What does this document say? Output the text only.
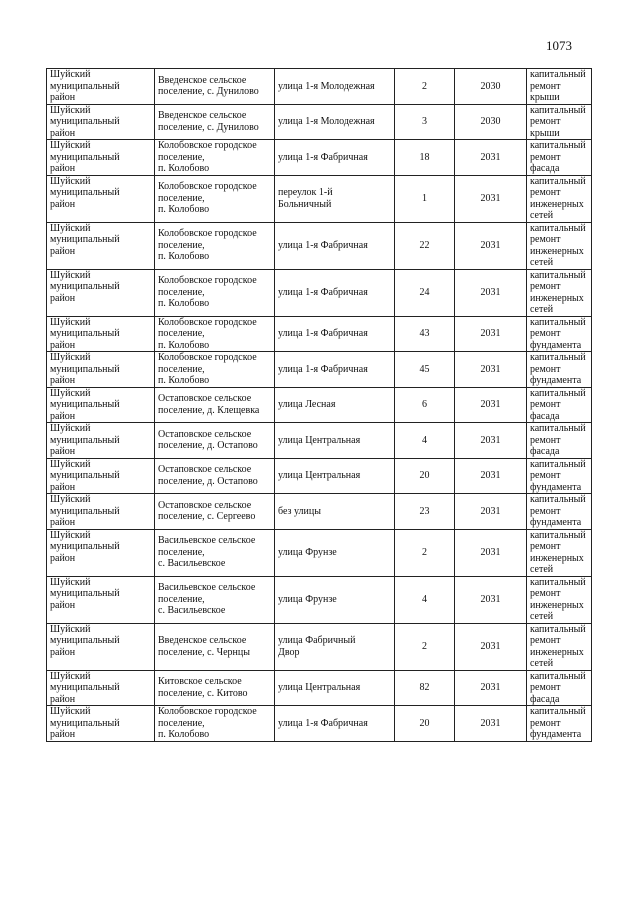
1073
Шуйский
муниципальный
район	Введенское сельское
поселение, с. Дунилово	улица 1-я Молодежная	2	2030	капитальный
ремонт крыши

Шуйский
муниципальный
район	Введенское сельское
поселение, с. Дунилово	улица 1-я Молодежная	3	2030	капитальный
ремонт крыши

Шуйский
муниципальный
район	Колобовское городское
поселение,
п. Колобово	улица 1-я Фабричная	18	2031	капитальный
ремонт фасада

Шуйский
муниципальный
район	Колобовское городское
поселение,
п. Колобово	переулок 1-й
Больничный	1	2031	капитальный
ремонт
инженерных
сетей

Шуйский
муниципальный
район	Колобовское городское
поселение,
п. Колобово	улица 1-я Фабричная	22	2031	капитальный
ремонт
инженерных
сетей

Шуйский
муниципальный
район	Колобовское городское
поселение,
п. Колобово	улица 1-я Фабричная	24	2031	капитальный
ремонт
инженерных
сетей

Шуйский
муниципальный
район	Колобовское городское
поселение,
п. Колобово	улица 1-я Фабричная	43	2031	капитальный
ремонт
фундамента

Шуйский
муниципальный
район	Колобовское городское
поселение,
п. Колобово	улица 1-я Фабричная	45	2031	капитальный
ремонт
фундамента

Шуйский
муниципальный
район	Остаповское сельское
поселение, д. Клещевка	улица Лесная	6	2031	капитальный
ремонт фасада

Шуйский
муниципальный
район	Остаповское сельское
поселение, д. Остапово	улица Центральная	4	2031	капитальный
ремонт фасада

Шуйский
муниципальный
район	Остаповское сельское
поселение, д. Остапово	улица Центральная	20	2031	капитальный
ремонт
фундамента

Шуйский
муниципальный
район	Остаповское сельское
поселение, с. Сергеево	без улицы	23	2031	капитальный
ремонт
фундамента

Шуйский
муниципальный
район	Васильевское сельское
поселение,
с. Васильевское	улица Фрунзе	2	2031	капитальный
ремонт
инженерных
сетей

Шуйский
муниципальный
район	Васильевское сельское
поселение,
с. Васильевское	улица Фрунзе	4	2031	капитальный
ремонт
инженерных
сетей

Шуйский
муниципальный
район	Введенское сельское
поселение, с. Чернцы	улица Фабричный
Двор	2	2031	капитальный
ремонт
инженерных
сетей

Шуйский
муниципальный
район	Китовское сельское
поселение, с. Китово	улица Центральная	82	2031	капитальный
ремонт фасада

Шуйский
муниципальный
район	Колобовское городское
поселение,
п. Колобово	улица 1-я Фабричная	20	2031	капитальный
ремонт
фундамента
